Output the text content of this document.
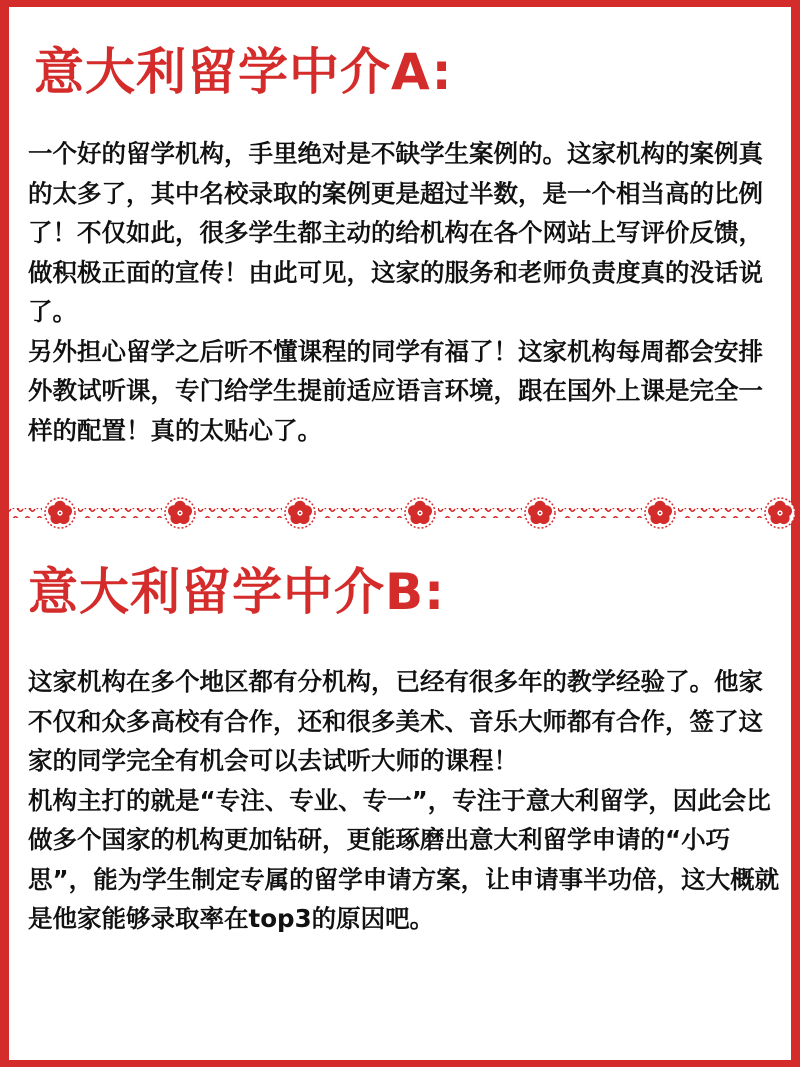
意大利留学中介A:

一个好的留学机构，手里绝对是不缺学生案例的。这家机构的案例真的太多了，其中名校录取的案例更是超过半数，是一个相当高的比例了！不仅如此，很多学生都主动的给机构在各个网站上写评价反馈，做积极正面的宣传！由此可见，这家的服务和老师负责度真的没话说了。

另外担心留学之后听不懂课程的同学有福了！这家机构每周都会安排外教试听课，专门给学生提前适应语言环境，跟在国外上课是完全一样的配置！真的太贴心了。

意大利留学中介B:

这家机构在多个地区都有分机构，已经有很多年的教学经验了。他家不仅和众多高校有合作，还和很多美术、音乐大师都有合作，签了这家的同学完全有机会可以去试听大师的课程！

机构主打的就是“专注、专业、专一”，专注于意大利留学，因此会比做多个国家的机构更加钻研，更能琢磨出意大利留学申请的“小巧思”，能为学生制定专属的留学申请方案，让申请事半功倍，这大概就是他家能够录取率在top3的原因吧。
